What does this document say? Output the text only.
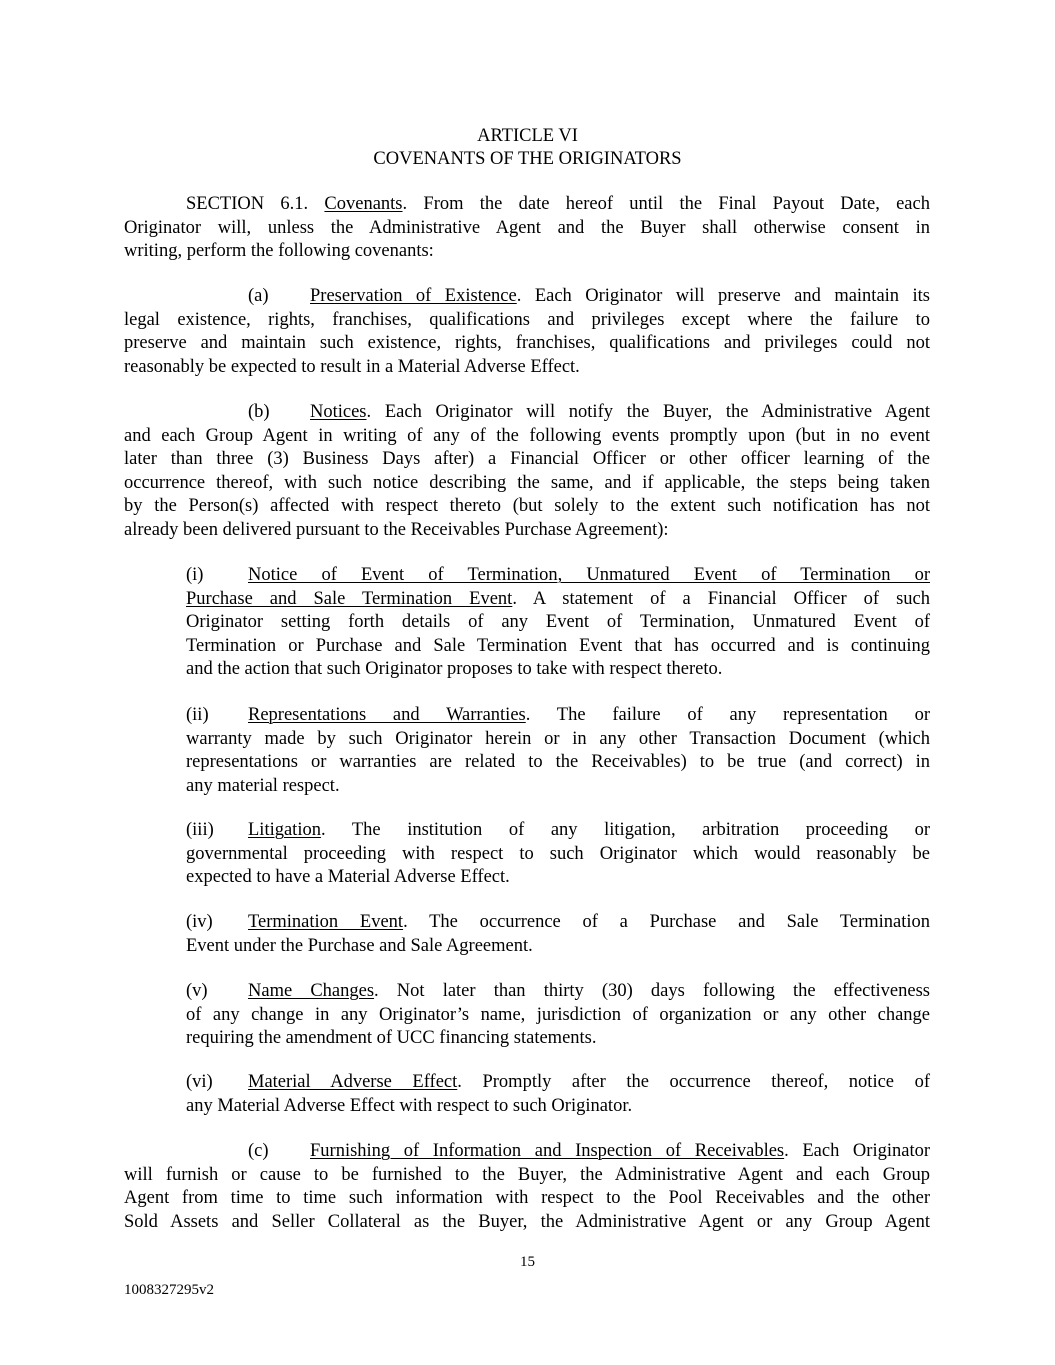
ARTICLE VI
COVENANTS OF THE ORIGINATORS
SECTION 6.1. Covenants. From the date hereof until the Final Payout Date, each
Originator will, unless the Administrative Agent and the Buyer shall otherwise consent in
writing, perform the following covenants:
(a) Preservation of Existence. Each Originator will preserve and maintain its
legal existence, rights, franchises, qualifications and privileges except where the failure to
preserve and maintain such existence, rights, franchises, qualifications and privileges could not
reasonably be expected to result in a Material Adverse Effect.
(b) Notices. Each Originator will notify the Buyer, the Administrative Agent
and each Group Agent in writing of any of the following events promptly upon (but in no event
later than three (3) Business Days after) a Financial Officer or other officer learning of the
occurrence thereof, with such notice describing the same, and if applicable, the steps being taken
by the Person(s) affected with respect thereto (but solely to the extent such notification has not
already been delivered pursuant to the Receivables Purchase Agreement):
(i) Notice of Event of Termination, Unmatured Event of Termination or
Purchase and Sale Termination Event. A statement of a Financial Officer of such
Originator setting forth details of any Event of Termination, Unmatured Event of
Termination or Purchase and Sale Termination Event that has occurred and is continuing
and the action that such Originator proposes to take with respect thereto.
(ii) Representations and Warranties. The failure of any representation or
warranty made by such Originator herein or in any other Transaction Document (which
representations or warranties are related to the Receivables) to be true (and correct) in
any material respect.
(iii) Litigation. The institution of any litigation, arbitration proceeding or
governmental proceeding with respect to such Originator which would reasonably be
expected to have a Material Adverse Effect.
(iv) Termination Event. The occurrence of a Purchase and Sale Termination
Event under the Purchase and Sale Agreement.
(v) Name Changes. Not later than thirty (30) days following the effectiveness
of any change in any Originator’s name, jurisdiction of organization or any other change
requiring the amendment of UCC financing statements.
(vi) Material Adverse Effect. Promptly after the occurrence thereof, notice of
any Material Adverse Effect with respect to such Originator.
(c) Furnishing of Information and Inspection of Receivables. Each Originator
will furnish or cause to be furnished to the Buyer, the Administrative Agent and each Group
Agent from time to time such information with respect to the Pool Receivables and the other
Sold Assets and Seller Collateral as the Buyer, the Administrative Agent or any Group Agent
15
1008327295v2
